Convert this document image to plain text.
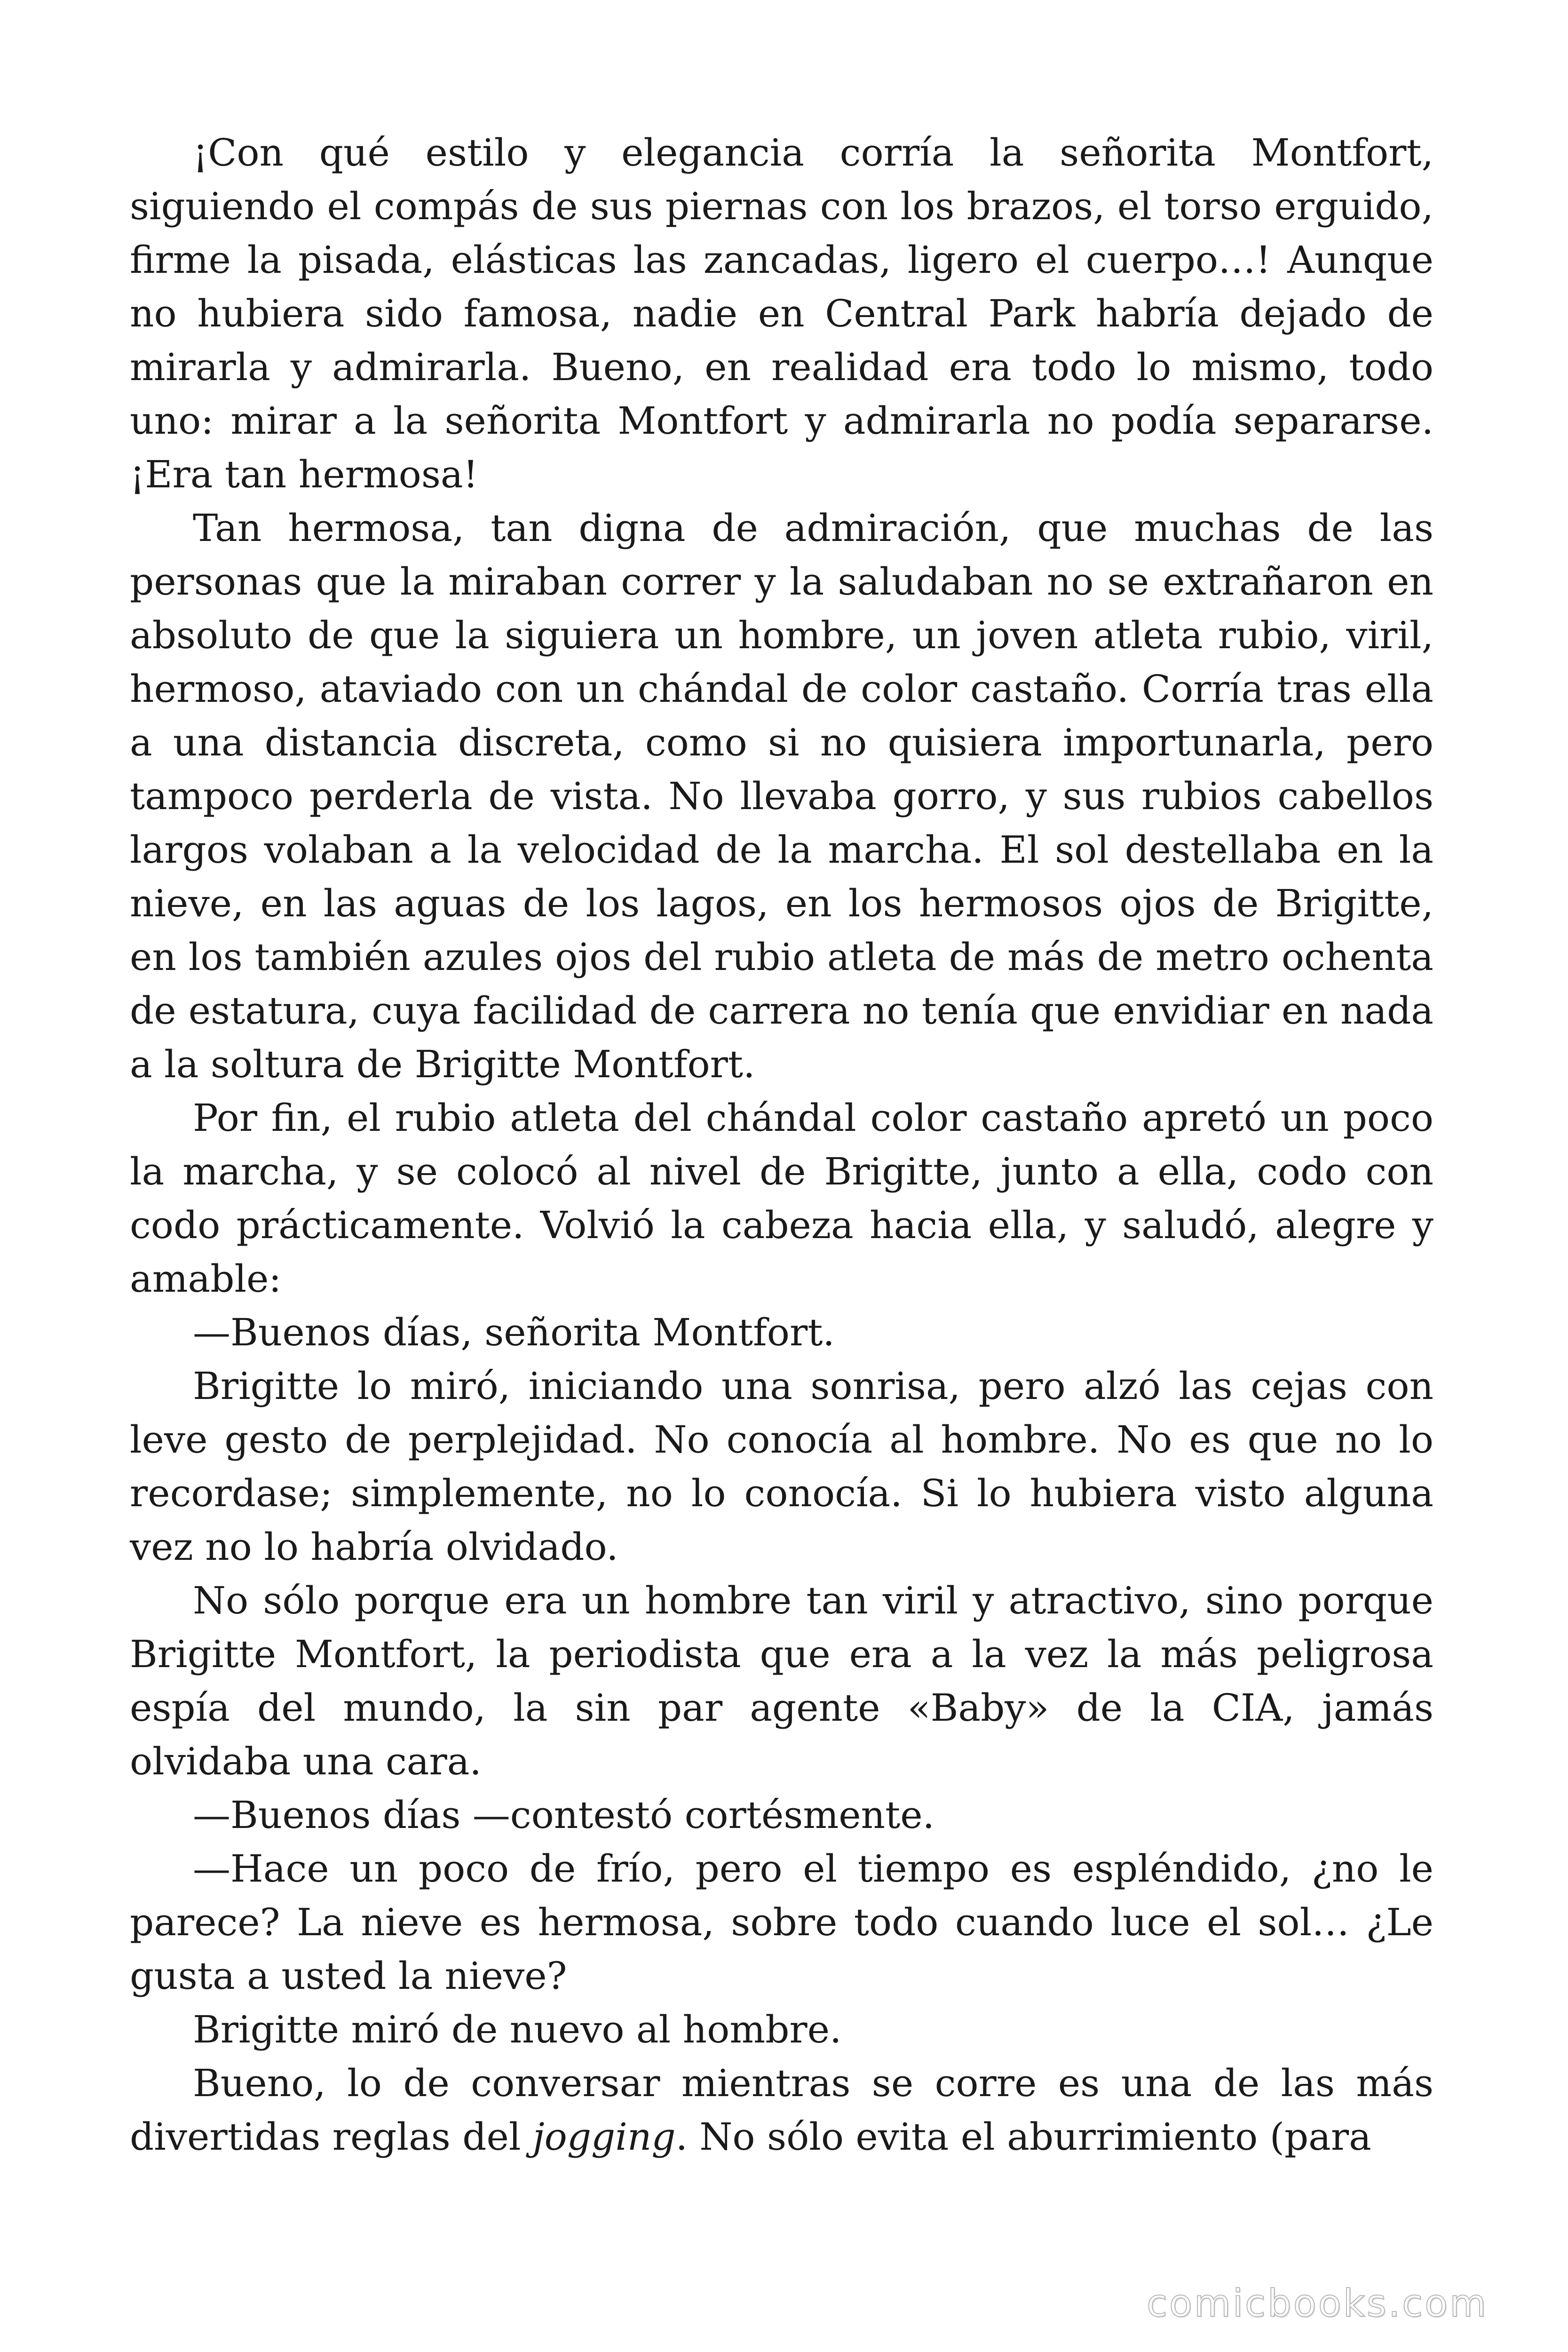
¡Con qué estilo y elegancia corría la señorita Montfort, siguiendo el compás de sus piernas con los brazos, el torso erguido, firme la pisada, elásticas las zancadas, ligero el cuerpo…! Aunque no hubiera sido famosa, nadie en Central Park habría dejado de mirarla y admirarla. Bueno, en realidad era todo lo mismo, todo uno: mirar a la señorita Montfort y admirarla no podía separarse. ¡Era tan hermosa!

Tan hermosa, tan digna de admiración, que muchas de las personas que la miraban correr y la saludaban no se extrañaron en absoluto de que la siguiera un hombre, un joven atleta rubio, viril, hermoso, ataviado con un chándal de color castaño. Corría tras ella a una distancia discreta, como si no quisiera importunarla, pero tampoco perderla de vista. No llevaba gorro, y sus rubios cabellos largos volaban a la velocidad de la marcha. El sol destellaba en la nieve, en las aguas de los lagos, en los hermosos ojos de Brigitte, en los también azules ojos del rubio atleta de más de metro ochenta de estatura, cuya facilidad de carrera no tenía que envidiar en nada a la soltura de Brigitte Montfort.

Por fin, el rubio atleta del chándal color castaño apretó un poco la marcha, y se colocó al nivel de Brigitte, junto a ella, codo con codo prácticamente. Volvió la cabeza hacia ella, y saludó, alegre y amable:

—Buenos días, señorita Montfort.

Brigitte lo miró, iniciando una sonrisa, pero alzó las cejas con leve gesto de perplejidad. No conocía al hombre. No es que no lo recordase; simplemente, no lo conocía. Si lo hubiera visto alguna vez no lo habría olvidado.

No sólo porque era un hombre tan viril y atractivo, sino porque Brigitte Montfort, la periodista que era a la vez la más peligrosa espía del mundo, la sin par agente «Baby» de la CIA, jamás olvidaba una cara.

—Buenos días —contestó cortésmente.

—Hace un poco de frío, pero el tiempo es espléndido, ¿no le parece? La nieve es hermosa, sobre todo cuando luce el sol… ¿Le gusta a usted la nieve?

Brigitte miró de nuevo al hombre.

Bueno, lo de conversar mientras se corre es una de las más divertidas reglas del jogging. No sólo evita el aburrimiento (para

comicbooks.com
